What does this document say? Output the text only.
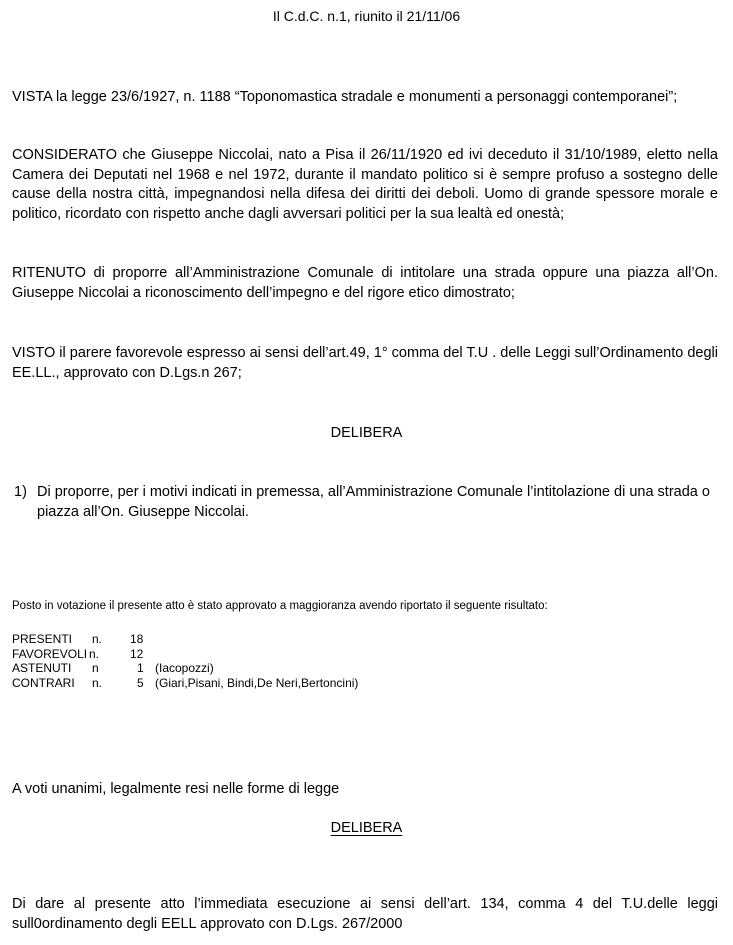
Il C.d.C. n.1, riunito il 21/11/06
VISTA la legge 23/6/1927, n. 1188 “Toponomastica stradale e monumenti a personaggi contemporanei”;
CONSIDERATO che Giuseppe Niccolai, nato a Pisa il 26/11/1920 ed ivi deceduto il 31/10/1989, eletto nella Camera dei Deputati nel 1968 e nel 1972, durante il mandato politico si è sempre profuso a sostegno delle cause della nostra città, impegnandosi nella difesa dei diritti dei deboli. Uomo di grande spessore morale e politico, ricordato con rispetto anche dagli avversari politici per la sua lealtà ed onestà;
RITENUTO di proporre all’Amministrazione Comunale di intitolare una strada oppure una piazza all’On. Giuseppe Niccolai a riconoscimento dell’impegno e del rigore etico dimostrato;
VISTO il parere favorevole espresso ai sensi dell’art.49, 1° comma del T.U . delle Leggi sull’Ordinamento degli EE.LL., approvato con D.Lgs.n 267;
DELIBERA
1) Di proporre, per i motivi indicati in premessa, all’Amministrazione Comunale l’intitolazione di una strada o piazza all’On. Giuseppe Niccolai.
Posto in votazione il presente atto è stato approvato a maggioranza avendo riportato il seguente risultato:
PRESENTI n. 18
FAVOREVOLI n.	12
ASTENUTI n	1 (Iacopozzi)
CONTRARI n.	5 (Giari,Pisani, Bindi,De Neri,Bertoncini)
A voti unanimi, legalmente resi nelle forme di legge
DELIBERA
Di dare al presente atto l’immediata esecuzione ai sensi dell’art. 134, comma 4 del T.U.delle leggi sull0ordinamento degli EELL approvato con D.Lgs. 267/2000
